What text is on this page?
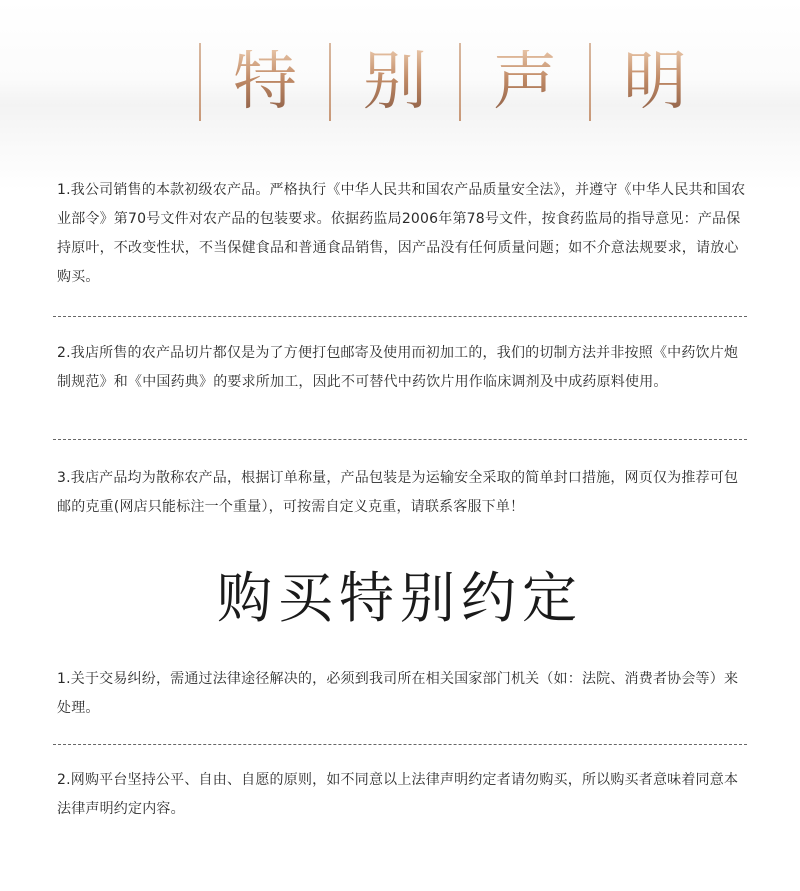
特 别 声 明

1.我公司销售的本款初级农产品。严格执行《中华人民共和国农产品质量安全法》，并遵守《中华人民共和国农业部令》第70号文件对农产品的包装要求。依据药监局2006年第78号文件，按食药监局的指导意见：产品保持原叶，不改变性状，不当保健食品和普通食品销售，因产品没有任何质量问题；如不介意法规要求，请放心购买。

2.我店所售的农产品切片都仅是为了方便打包邮寄及使用而初加工的，我们的切制方法并非按照《中药饮片炮制规范》和《中国药典》的要求所加工，因此不可替代中药饮片用作临床调剂及中成药原料使用。

3.我店产品均为散称农产品，根据订单称量，产品包装是为运输安全采取的简单封口措施，网页仅为推荐可包邮的克重(网店只能标注一个重量），可按需自定义克重，请联系客服下单！

购买特别约定

1.关于交易纠纷，需通过法律途径解决的，必须到我司所在相关国家部门机关（如：法院、消费者协会等）来处理。

2.网购平台坚持公平、自由、自愿的原则，如不同意以上法律声明约定者请勿购买，所以购买者意味着同意本法律声明约定内容。
